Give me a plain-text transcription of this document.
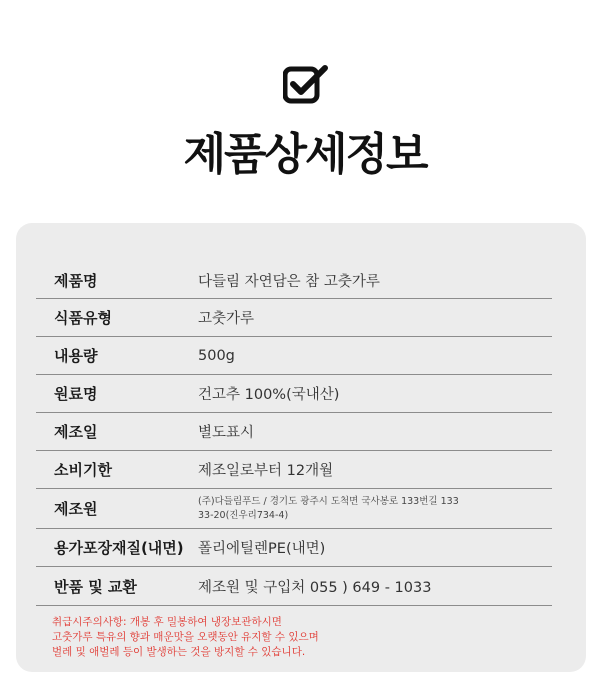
제품상세정보
제품명	다들림 자연담은 참 고춧가루
식품유형	고춧가루
내용량	500g
원료명	건고추 100%(국내산)
제조일	별도표시
소비기한	제조일로부터 12개월
제조원	(주)다들림푸드 / 경기도 광주시 도척면 국사봉로 133번길 133
33-20(진우리734-4)
용가포장재질(내면) 폴리에틸렌PE(내면)
반품 및 교환	제조원 및 구입처 055 ) 649 - 1033
취급시주의사항: 개봉 후 밀봉하여 냉장보관하시면
고춧가루 특유의 향과 매운맛을 오랫동안 유지할 수 있으며
벌레 및 애벌레 등이 발생하는 것을 방지할 수 있습니다.
